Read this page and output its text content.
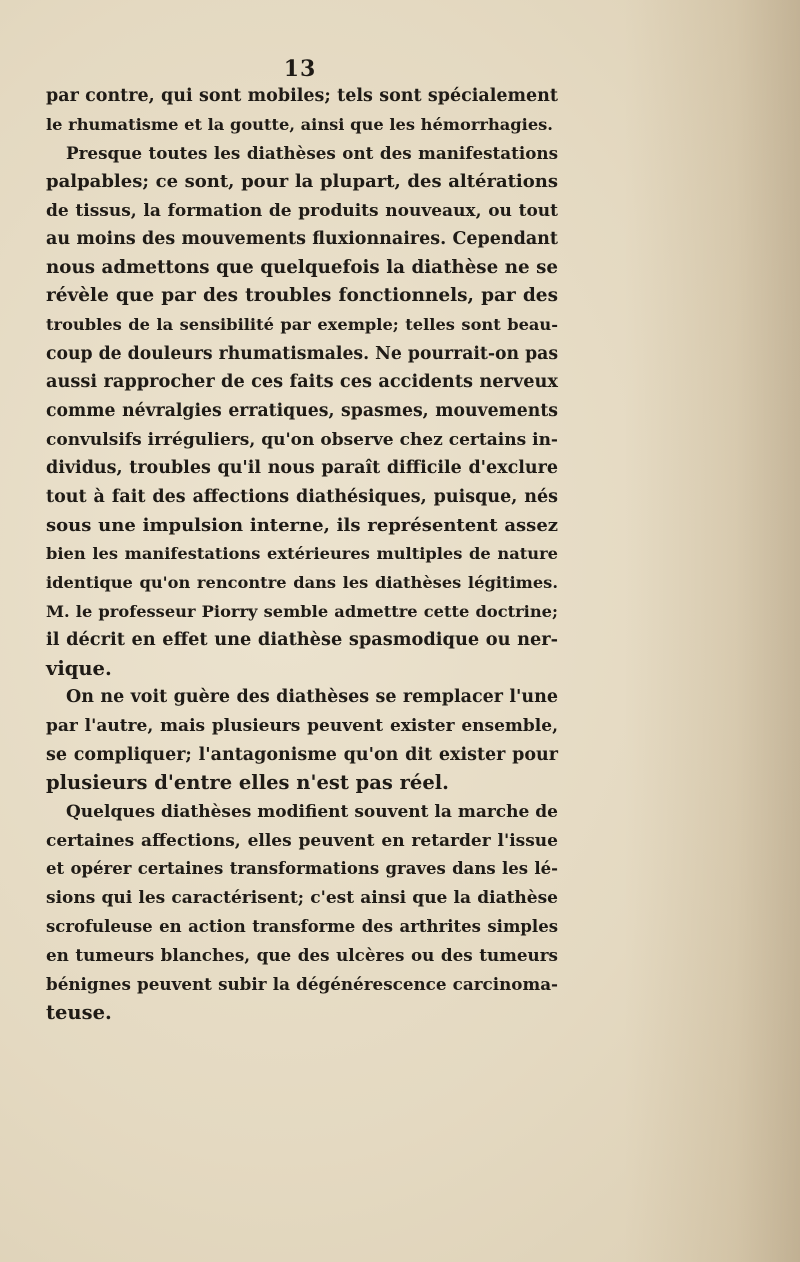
13
par contre, qui sont mobiles; tels sont spécialement
le rhumatisme et la goutte, ainsi que les hémorrhagies.
Presque toutes les diathèses ont des manifestations
palpables; ce sont, pour la plupart, des altérations
de tissus, la formation de produits nouveaux, ou tout
au moins des mouvements fluxionnaires. Cependant
nous admettons que quelquefois la diathèse ne se
révèle que par des troubles fonctionnels, par des
troubles de la sensibilité par exemple; telles sont beau-
coup de douleurs rhumatismales. Ne pourrait-on pas
aussi rapprocher de ces faits ces accidents nerveux
comme névralgies erratiques, spasmes, mouvements
convulsifs irréguliers, qu'on observe chez certains in-
dividus, troubles qu'il nous paraît difficile d'exclure
tout à fait des affections diathésiques, puisque, nés
sous une impulsion interne, ils représentent assez
bien les manifestations extérieures multiples de nature
identique qu'on rencontre dans les diathèses légitimes.
M. le professeur Piorry semble admettre cette doctrine;
il décrit en effet une diathèse spasmodique ou ner-
vique.
On ne voit guère des diathèses se remplacer l'une
par l'autre, mais plusieurs peuvent exister ensemble,
se compliquer; l'antagonisme qu'on dit exister pour
plusieurs d'entre elles n'est pas réel.
Quelques diathèses modifient souvent la marche de
certaines affections, elles peuvent en retarder l'issue
et opérer certaines transformations graves dans les lé-
sions qui les caractérisent; c'est ainsi que la diathèse
scrofuleuse en action transforme des arthrites simples
en tumeurs blanches, que des ulcères ou des tumeurs
bénignes peuvent subir la dégénérescence carcinoma-
teuse.
